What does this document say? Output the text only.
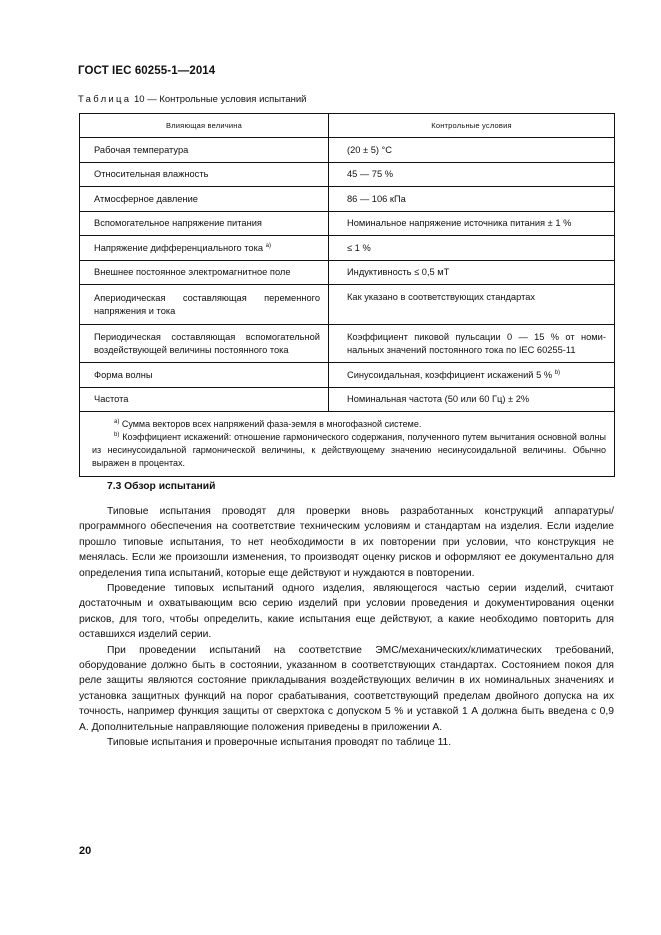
ГОСТ IEC 60255-1—2014
Таблица 10 — Контрольные условия испытаний
Влияющая величина	Контрольные условия
Рабочая температура	(20 ± 5) °С
Относительная влажность	45 — 75 %
Атмосферное давление	86 — 106 кПа
Вспомогательное напряжение питания	Номинальное напряжение источника питания ± 1 %
Напряжение дифференциального тока $^{а)}$	≤ 1 %
Внешнее постоянное электромагнитное поле	Индуктивность ≤ 0,5 мТ
Апериодическая составляющая переменного напряжения и тока	Как указано в соответствующих стандартах
Периодическая составляющая вспомогательной воздействующей величины постоянного тока	Коэффициент пиковой пульсации 0 — 15 % от номинальных значений постоянного тока по IEC 60255-11
Форма волны	Синусоидальная, коэффициент искажений 5 % $^{b)}$
Частота	Номинальная частота (50 или 60 Гц) ± 2%

$^{а)}$ Сумма векторов всех напряжений фаза-земля в многофазной системе.
$^{b)}$ Коэффициент искажений: отношение гармонического содержания, полученного путем вычитания основной волны из несинусоидальной гармонической величины, к действующему значению несинусоидальной величины. Обычно выражен в процентах.	
7.3 Обзор испытаний

Типовые испытания проводят для проверки вновь разработанных конструкций аппаратуры/программного обеспечения на соответствие техническим условиям и стандартам на изделия. Если изделие прошло типовые испытания, то нет необходимости в их повторении при условии, что конструкция не менялась. Если же произошли изменения, то производят оценку рисков и оформляют ее документально для определения типа испытаний, которые еще действуют и нуждаются в повторении.

Проведение типовых испытаний одного изделия, являющегося частью серии изделий, считают достаточным и охватывающим всю серию изделий при условии проведения и документирования оценки рисков, для того, чтобы определить, какие испытания еще действуют, а какие необходимо повторить для оставшихся изделий серии.

При проведении испытаний на соответствие ЭМС/механических/климатических требований, оборудование должно быть в состоянии, указанном в соответствующих стандартах. Состоянием покоя для реле защиты являются состояние прикладывания воздействующих величин в их номинальных значениях и установка защитных функций на порог срабатывания, соответствующий пределам двойного допуска на их точность, например функция защиты от сверхтока с допуском 5 % и уставкой 1 А должна быть введена с 0,9 А. Дополнительные направляющие положения приведены в приложении А.

Типовые испытания и проверочные испытания проводят по таблице 11.

20
